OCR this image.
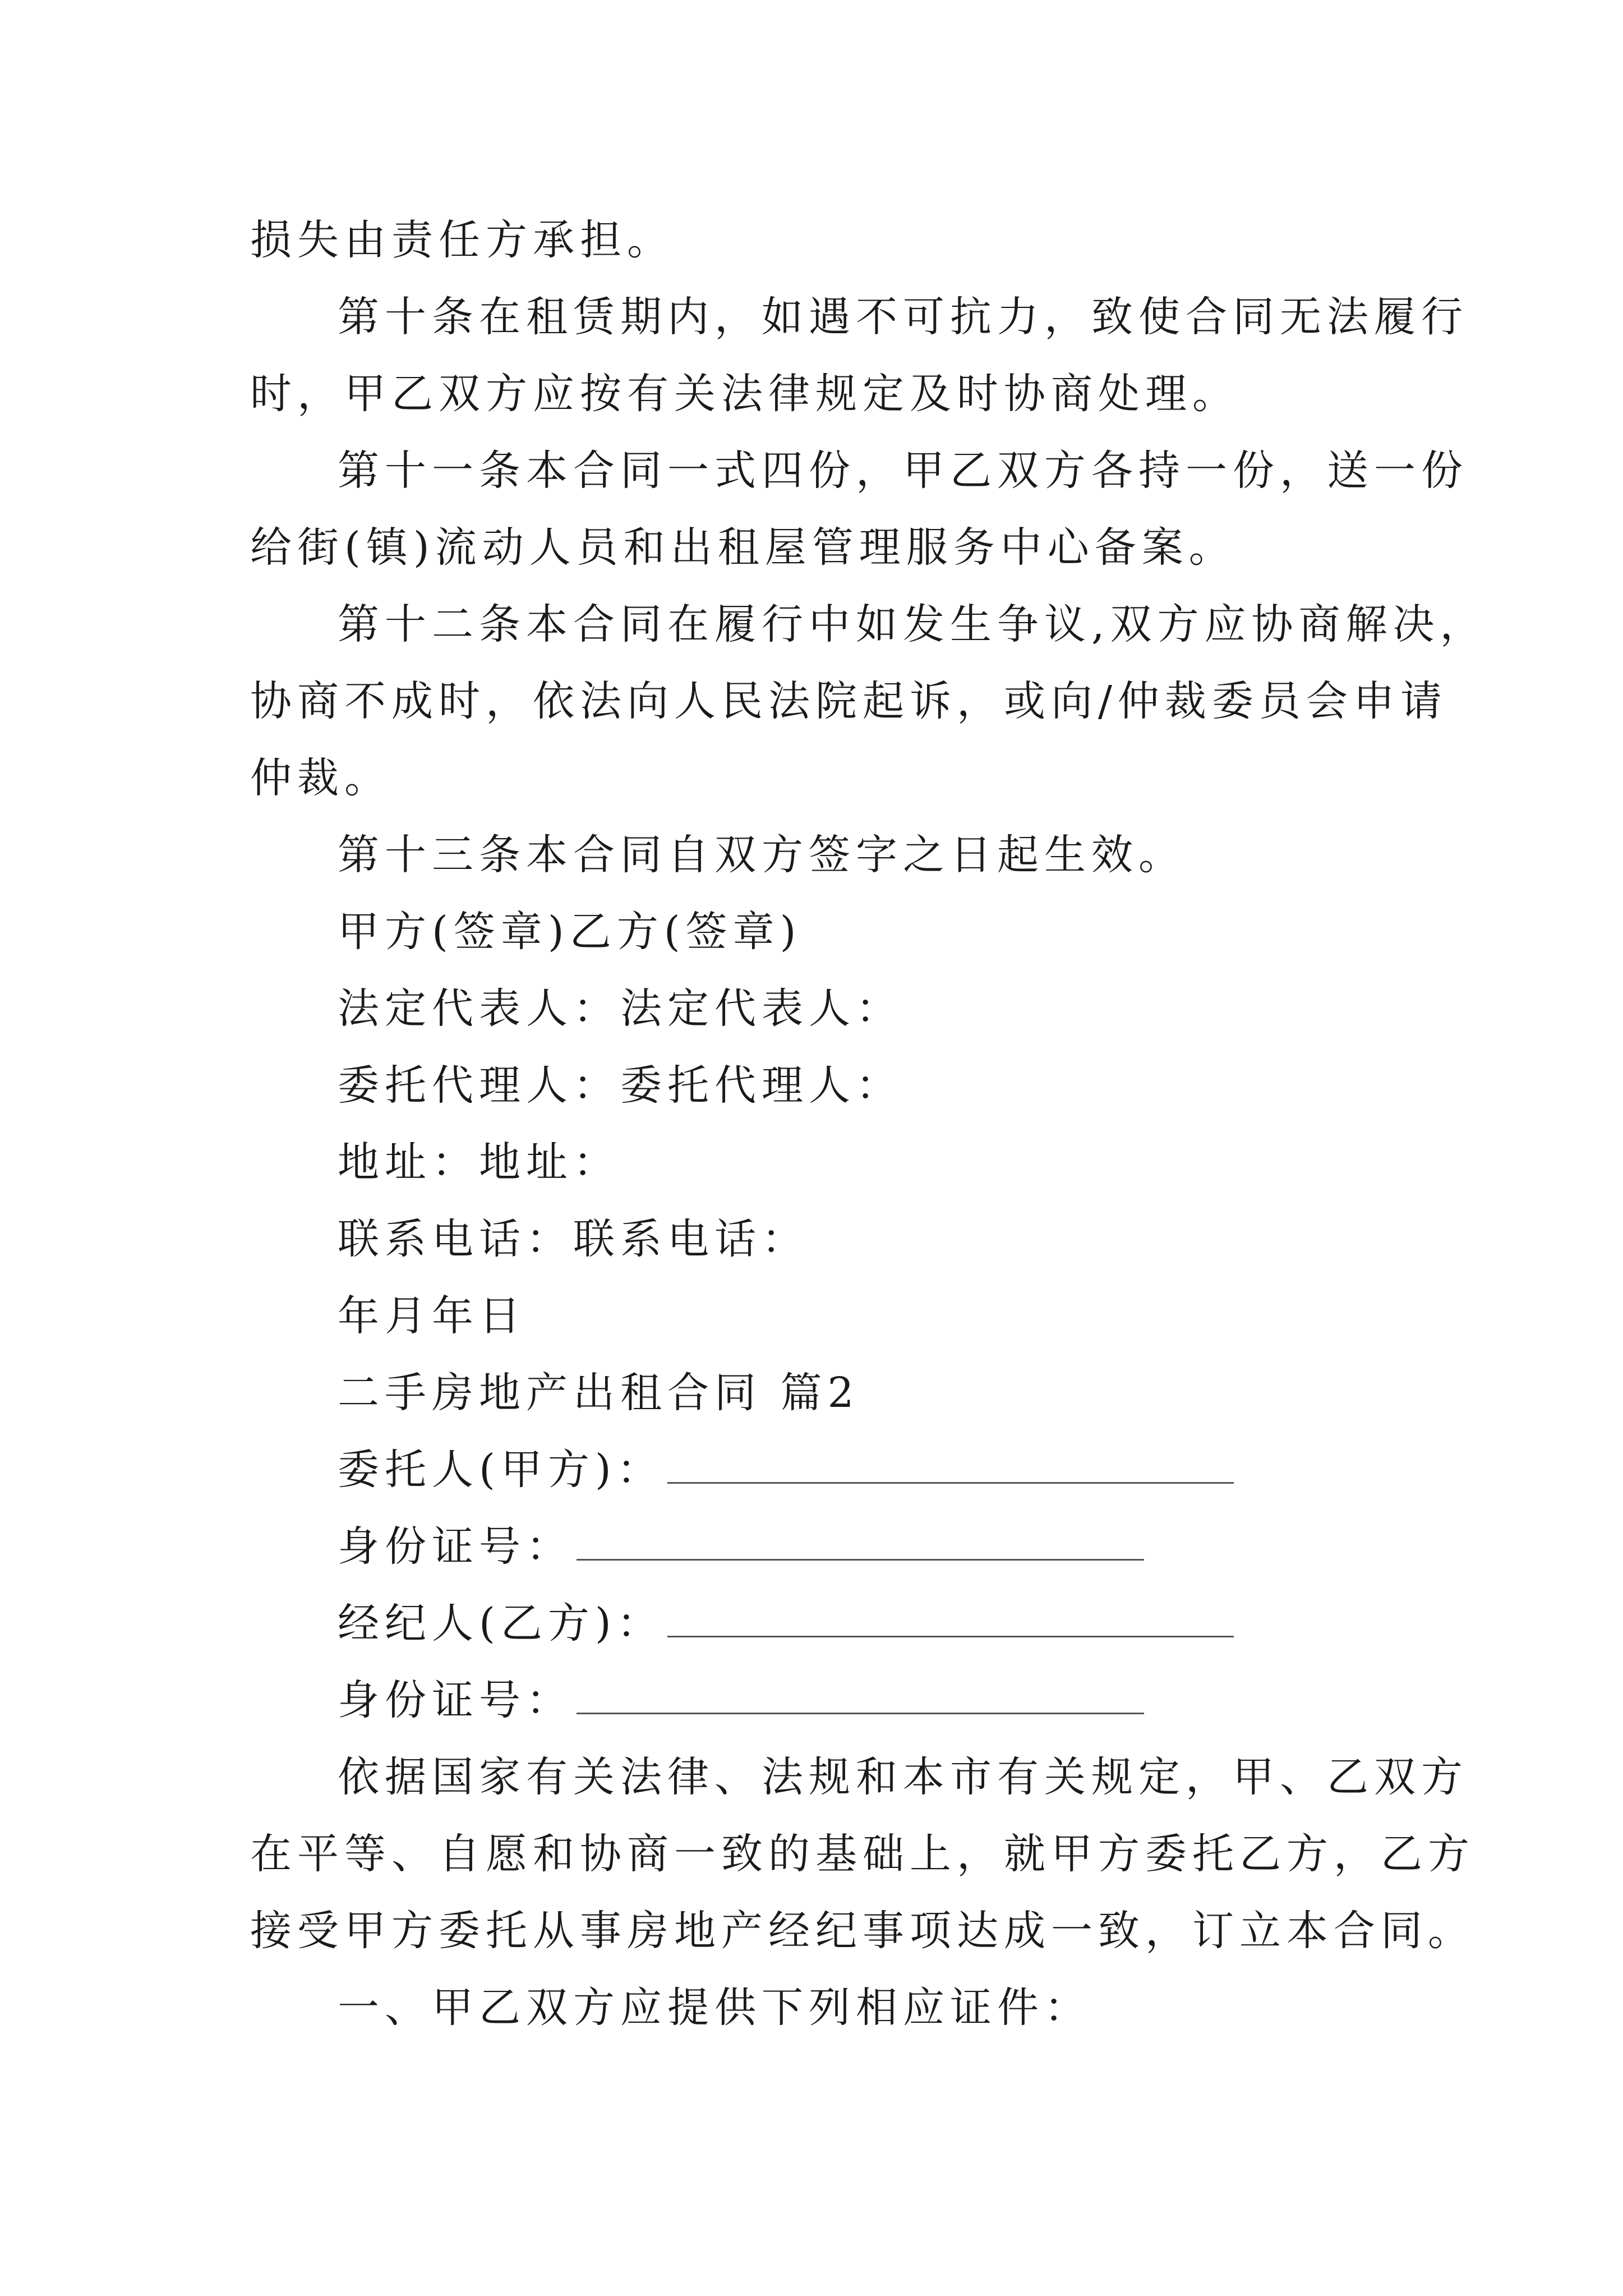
损失由责任方承担。
第十条在租赁期内，如遇不可抗力，致使合同无法履行
时，甲乙双方应按有关法律规定及时协商处理。
第十一条本合同一式四份，甲乙双方各持一份，送一份
给街(镇)流动人员和出租屋管理服务中心备案。
第十二条本合同在履行中如发生争议,双方应协商解决，
协商不成时，依法向人民法院起诉，或向/仲裁委员会申请
仲裁。
第十三条本合同自双方签字之日起生效。
甲方(签章)乙方(签章)
法定代表人：法定代表人：
委托代理人：委托代理人：
地址：地址：
联系电话：联系电话：
年月年日
二手房地产出租合同 篇2
委托人(甲方)：
身份证号：
经纪人(乙方)：
身份证号：
依据国家有关法律、法规和本市有关规定，甲、乙双方
在平等、自愿和协商一致的基础上，就甲方委托乙方，乙方
接受甲方委托从事房地产经纪事项达成一致，订立本合同。
一、甲乙双方应提供下列相应证件：
